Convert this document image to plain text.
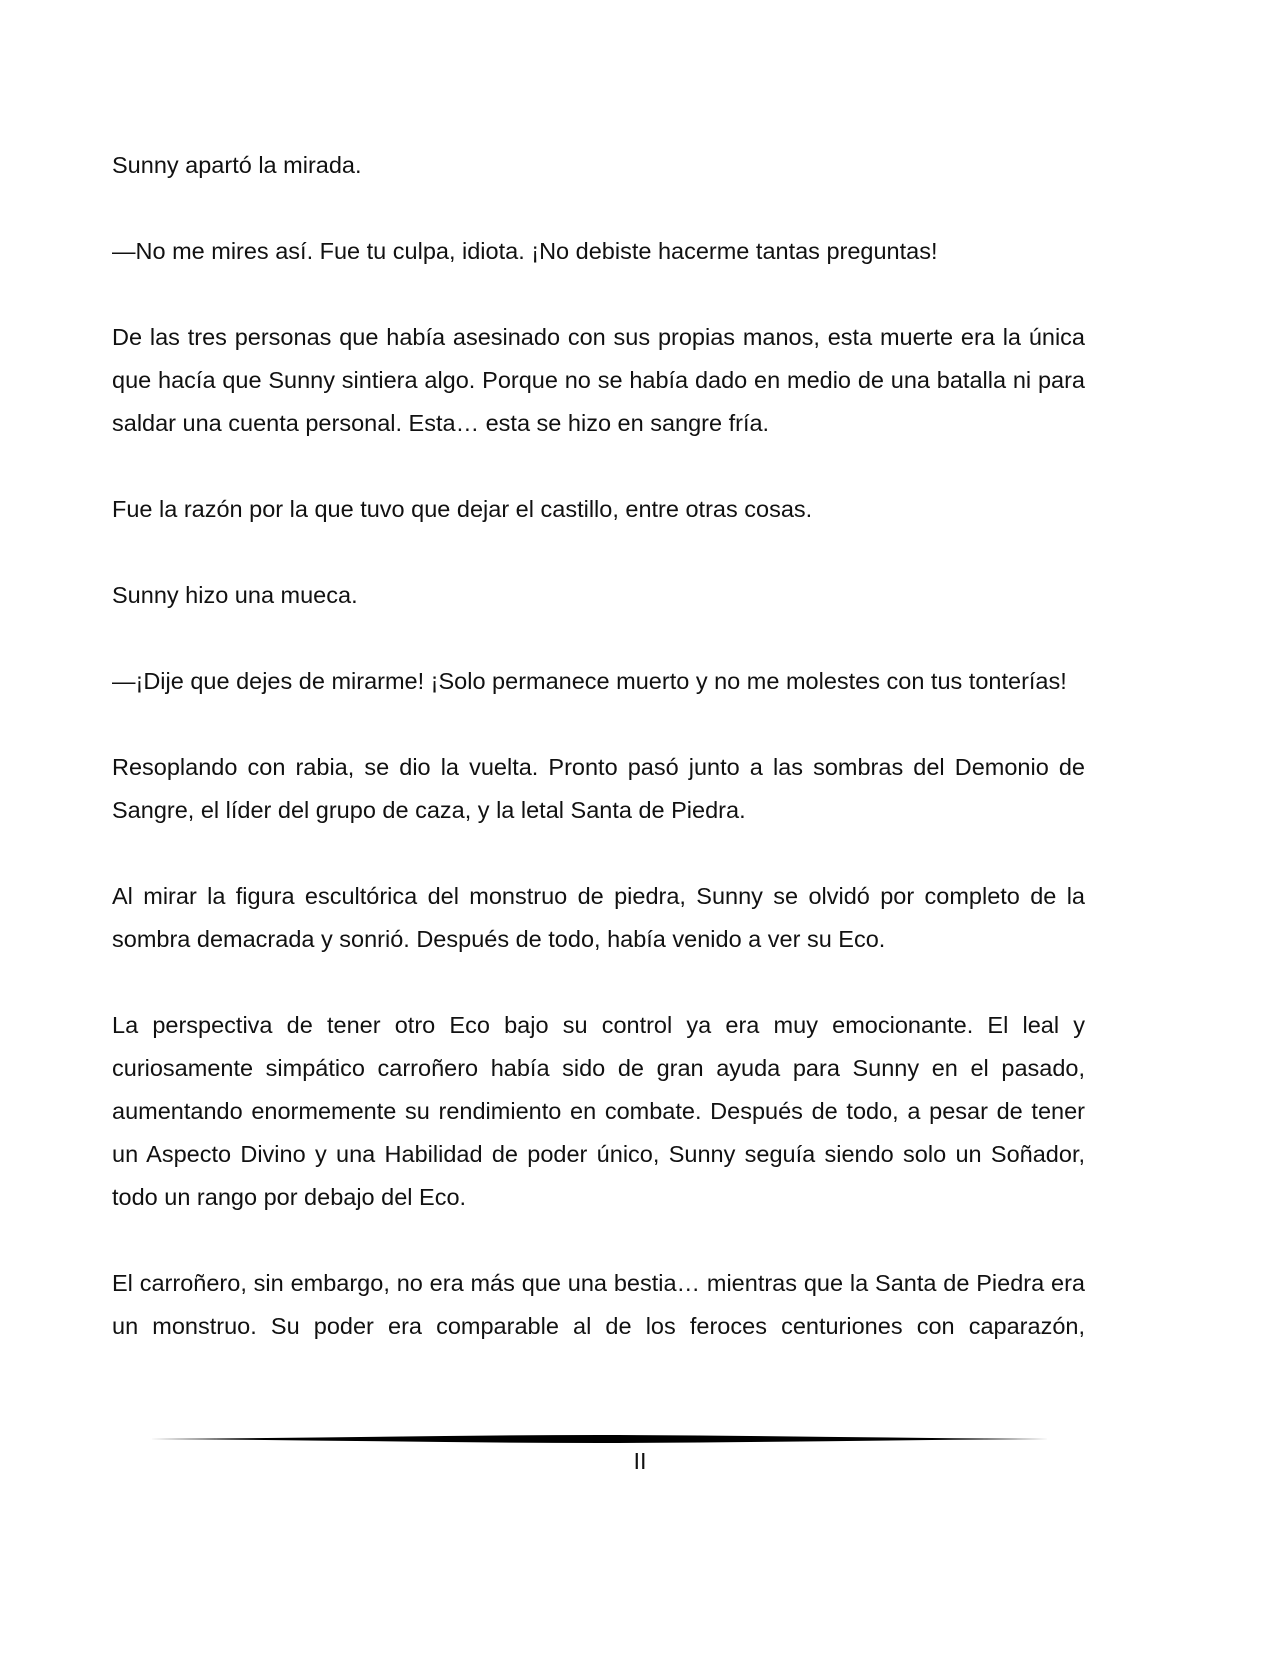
Sunny apartó la mirada.

—No me mires así. Fue tu culpa, idiota. ¡No debiste hacerme tantas preguntas!

De las tres personas que había asesinado con sus propias manos, esta muerte era la única que hacía que Sunny sintiera algo. Porque no se había dado en medio de una batalla ni para saldar una cuenta personal. Esta… esta se hizo en sangre fría.

Fue la razón por la que tuvo que dejar el castillo, entre otras cosas.

Sunny hizo una mueca.

—¡Dije que dejes de mirarme! ¡Solo permanece muerto y no me molestes con tus tonterías!

Resoplando con rabia, se dio la vuelta. Pronto pasó junto a las sombras del Demonio de Sangre, el líder del grupo de caza, y la letal Santa de Piedra.

Al mirar la figura escultórica del monstruo de piedra, Sunny se olvidó por completo de la sombra demacrada y sonrió. Después de todo, había venido a ver su Eco.

La perspectiva de tener otro Eco bajo su control ya era muy emocionante. El leal y curiosamente simpático carroñero había sido de gran ayuda para Sunny en el pasado, aumentando enormemente su rendimiento en combate. Después de todo, a pesar de tener un Aspecto Divino y una Habilidad de poder único, Sunny seguía siendo solo un Soñador, todo un rango por debajo del Eco.

El carroñero, sin embargo, no era más que una bestia… mientras que la Santa de Piedra era un monstruo. Su poder era comparable al de los feroces centuriones con caparazón,

II
